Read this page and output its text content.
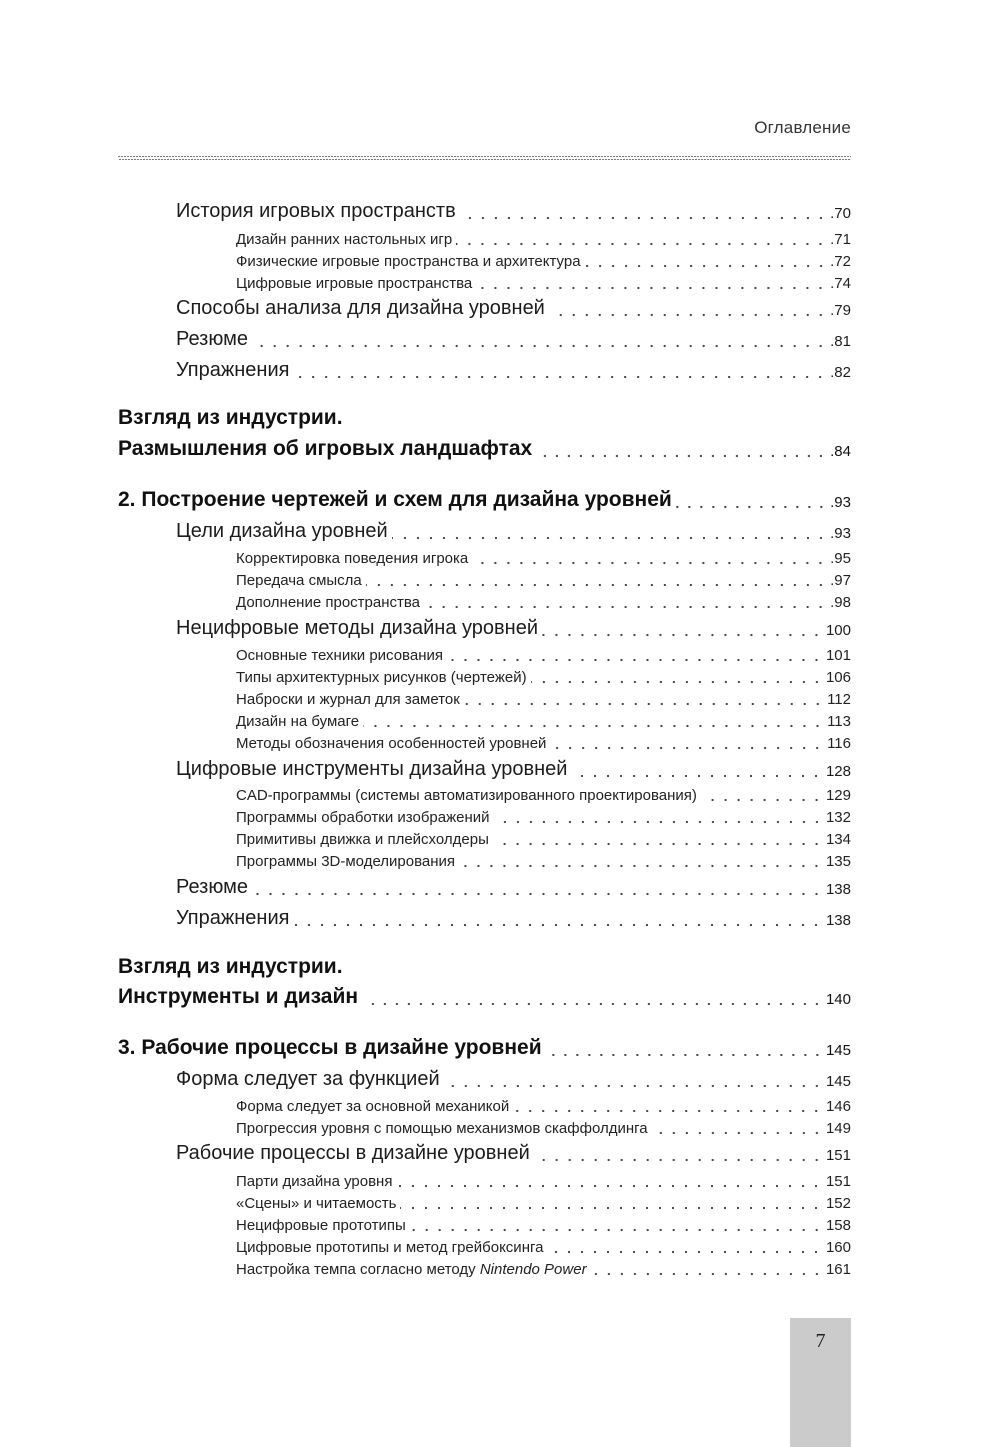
Оглавление
История игровых пространств	.70
Дизайн ранних настольных игр	.71
Физические игровые пространства и архитектура	.72
Цифровые игровые пространства	.74
Способы анализа для дизайна уровней	.79
Резюме	.81
Упражнения	.82
Взгляд из индустрии.
Размышления об игровых ландшафтах	.84
2. Построение чертежей и схем для дизайна уровней	.93
Цели дизайна уровней	.93
Корректировка поведения игрока	.95
Передача смысла	.97
Дополнение пространства	.98
Нецифровые методы дизайна уровней	100
Основные техники рисования	101
Типы архитектурных рисунков (чертежей)	106
Наброски и журнал для заметок	112
Дизайн на бумаге	113
Методы обозначения особенностей уровней	116
Цифровые инструменты дизайна уровней	128
CAD-программы (системы автоматизированного проектирования)	129
Программы обработки изображений	132
Примитивы движка и плейсхолдеры	134
Программы 3D-моделирования	135
Резюме	138
Упражнения	138
Взгляд из индустрии.
Инструменты и дизайн	140
3. Рабочие процессы в дизайне уровней	145
Форма следует за функцией	145
Форма следует за основной механикой	146
Прогрессия уровня с помощью механизмов скаффолдинга	149
Рабочие процессы в дизайне уровней	151
Парти дизайна уровня	151
«Сцены» и читаемость	152
Нецифровые прототипы	158
Цифровые прототипы и метод грейбоксинга	160
Настройка темпа согласно методу Nintendo Power	161
7
